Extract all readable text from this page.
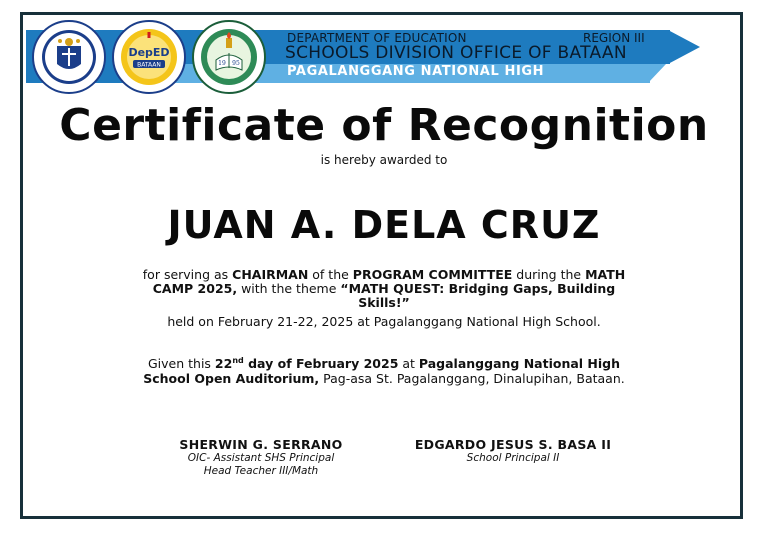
DEPARTMENT OF EDUCATION	REGION III
SCHOOLS DIVISION OFFICE OF BATAAN
PAGALANGGANG NATIONAL HIGH
DepED
BATAAN	19 95
Certificate of Recognition
is hereby awarded to
JUAN A. DELA CRUZ
for serving as CHAIRMAN of the PROGRAM COMMITTEE during the MATH CAMP 2025, with the theme “MATH QUEST: Bridging Gaps, Building Skills!”
held on February 21-22, 2025 at Pagalanggang National High School.
Given this 22nd day of February 2025 at Pagalanggang National High School Open Auditorium, Pag-asa St. Pagalanggang, Dinalupihan, Bataan.
SHERWIN G. SERRANO
OIC- Assistant SHS Principal
Head Teacher III/Math
EDGARDO JESUS S. BASA II
School Principal II
